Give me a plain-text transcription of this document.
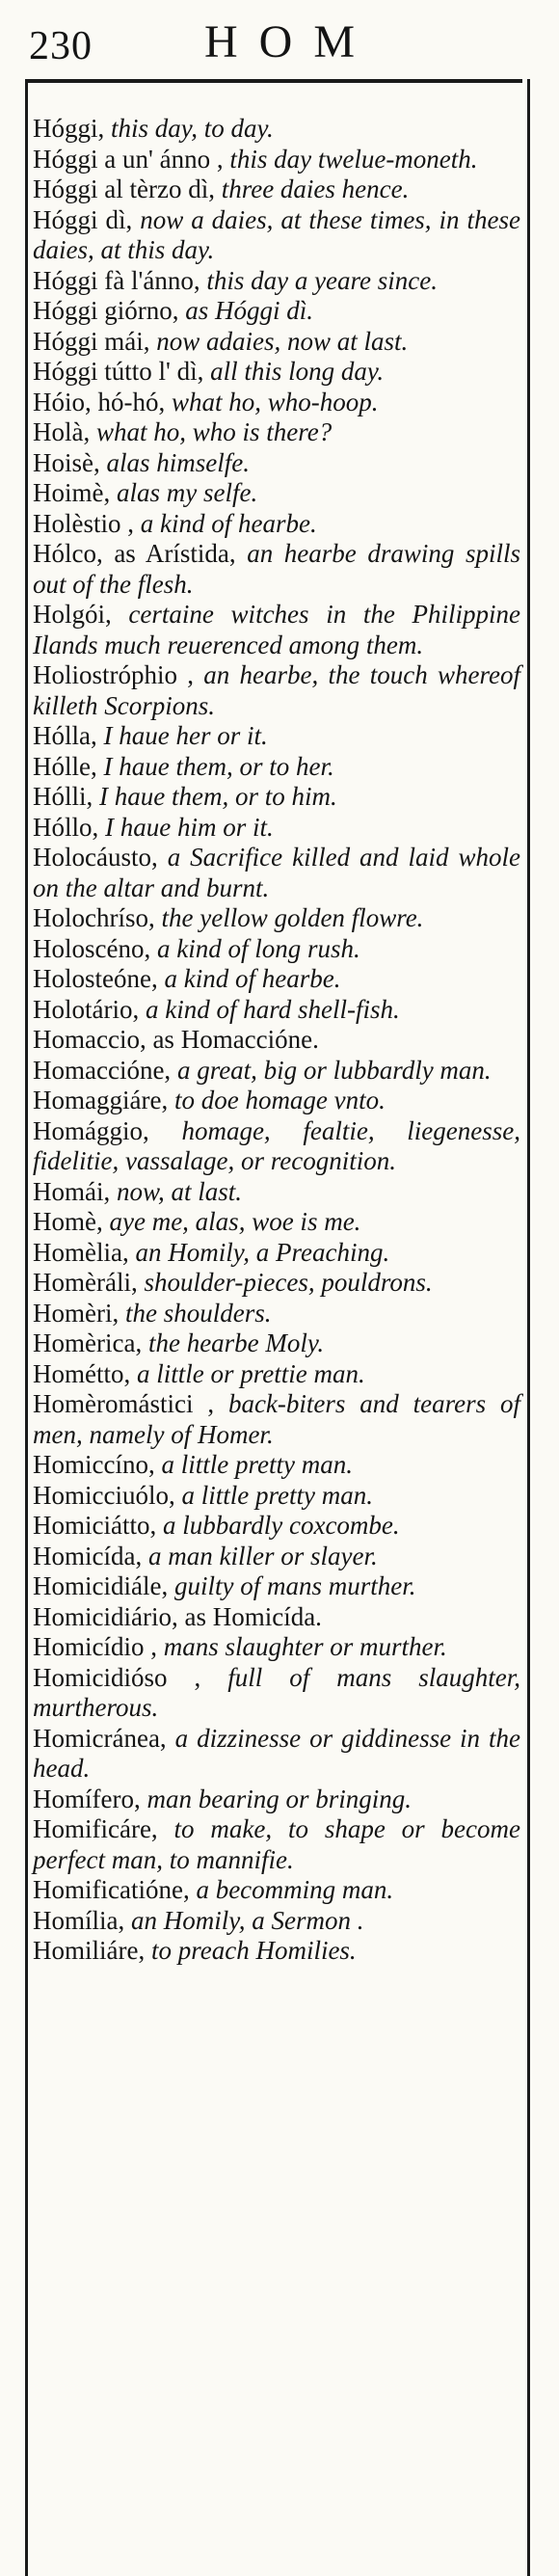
230	HOM
Hóggi, this day, to day.
Hóggi a un' ánno , this day twelue-moneth.
Hóggi al tèrzo dì, three daies hence.
Hóggi dì, now a daies, at these times, in these daies, at this day.
Hóggi fà l'ánno, this day a yeare since.
Hóggi giórno, as Hóggi dì.
Hóggi mái, now adaies, now at last.
Hóggi tútto l' dì, all this long day.
Hóio, hó-hó, what ho, who-hoop.
Holà, what ho, who is there?
Hoisè, alas himselfe.
Hoimè, alas my selfe.
Holèstio , a kind of hearbe.
Hólco, as Arístida, an hearbe drawing spills out of the flesh.
Holgói, certaine witches in the Philippine Ilands much reuerenced among them.
Holiostróphio , an hearbe, the touch whereof killeth Scorpions.
Hólla, I haue her or it.
Hólle, I haue them, or to her.
Hólli, I haue them, or to him.
Hóllo, I haue him or it.
Holocáusto, a Sacrifice killed and laid whole on the altar and burnt.
Holochríso, the yellow golden flowre.
Holoscéno, a kind of long rush.
Holosteóne, a kind of hearbe.
Holotário, a kind of hard shell-fish.
Homaccio, as Homaccióne.
Homaccióne, a great, big or lubbardly man.
Homaggiáre, to doe homage vnto.
Homággio, homage, fealtie, liegenesse, fidelitie, vassalage, or recognition.
Homái, now, at last.
Homè, aye me, alas, woe is me.
Homèlia, an Homily, a Preaching.
Homèráli, shoulder-pieces, pouldrons.
Homèri, the shoulders.
Homèrica, the hearbe Moly.
Hométto, a little or prettie man.
Homèromástici , back-biters and tearers of men, namely of Homer.
Homiccíno, a little pretty man.
Homicciuólo, a little pretty man.
Homiciátto, a lubbardly coxcombe.
Homicída, a man killer or slayer.
Homicidiále, guilty of mans murther.
Homicidiário, as Homicída.
Homicídio , mans slaughter or murther.
Homicidióso , full of mans slaughter, murtherous.
Homicránea, a dizzinesse or giddinesse in the head.
Homífero, man bearing or bringing.
Homificáre, to make, to shape or become perfect man, to mannifie.
Homificatióne, a becomming man.
Homília, an Homily, a Sermon .
Homiliáre, to preach Homilies.
